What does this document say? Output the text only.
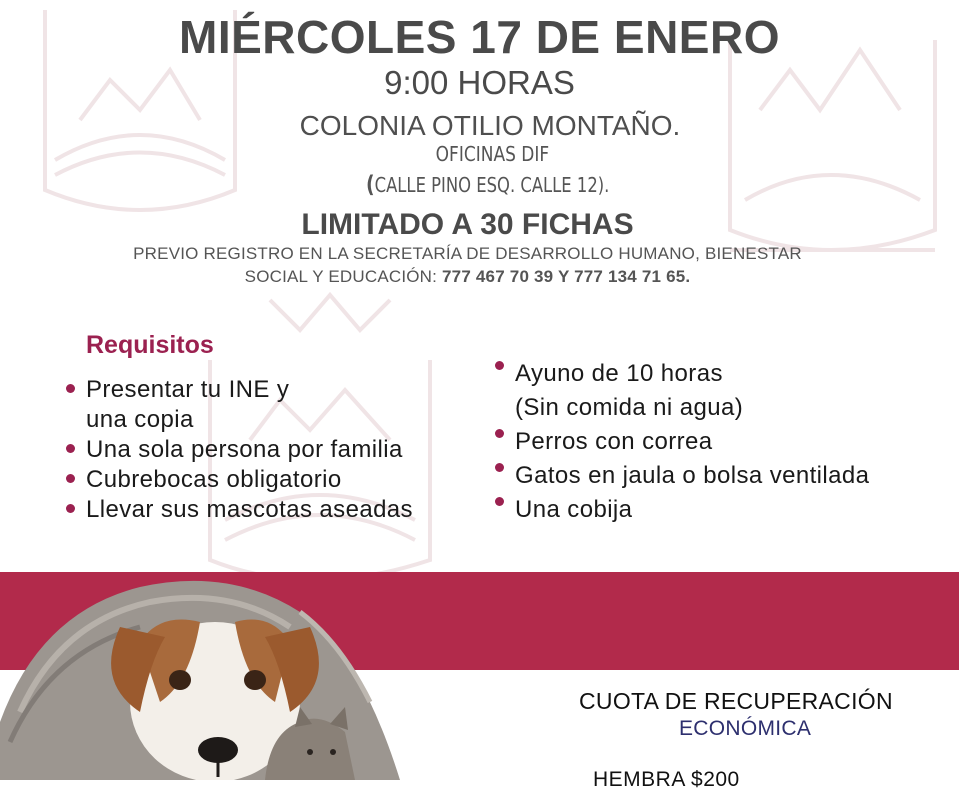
MIÉRCOLES 17 DE ENERO
9:00 HORAS
COLONIA OTILIO MONTAÑO.
OFICINAS DIF
(CALLE PINO ESQ. CALLE 12).
LIMITADO A 30 FICHAS
PREVIO REGISTRO EN LA SECRETARÍA DE DESARROLLO HUMANO, BIENESTAR
SOCIAL Y EDUCACIÓN: 777 467 70 39 Y 777 134 71 65.
Requisitos
Presentar tu INE y
una copia
Una sola persona por familia
Cubrebocas obligatorio
Llevar sus mascotas aseadas
Ayuno de 10 horas
(Sin comida ni agua)
Perros con correa
Gatos en jaula o bolsa ventilada
Una cobija
CUOTA DE RECUPERACIÓN
ECONÓMICA
HEMBRA $200
